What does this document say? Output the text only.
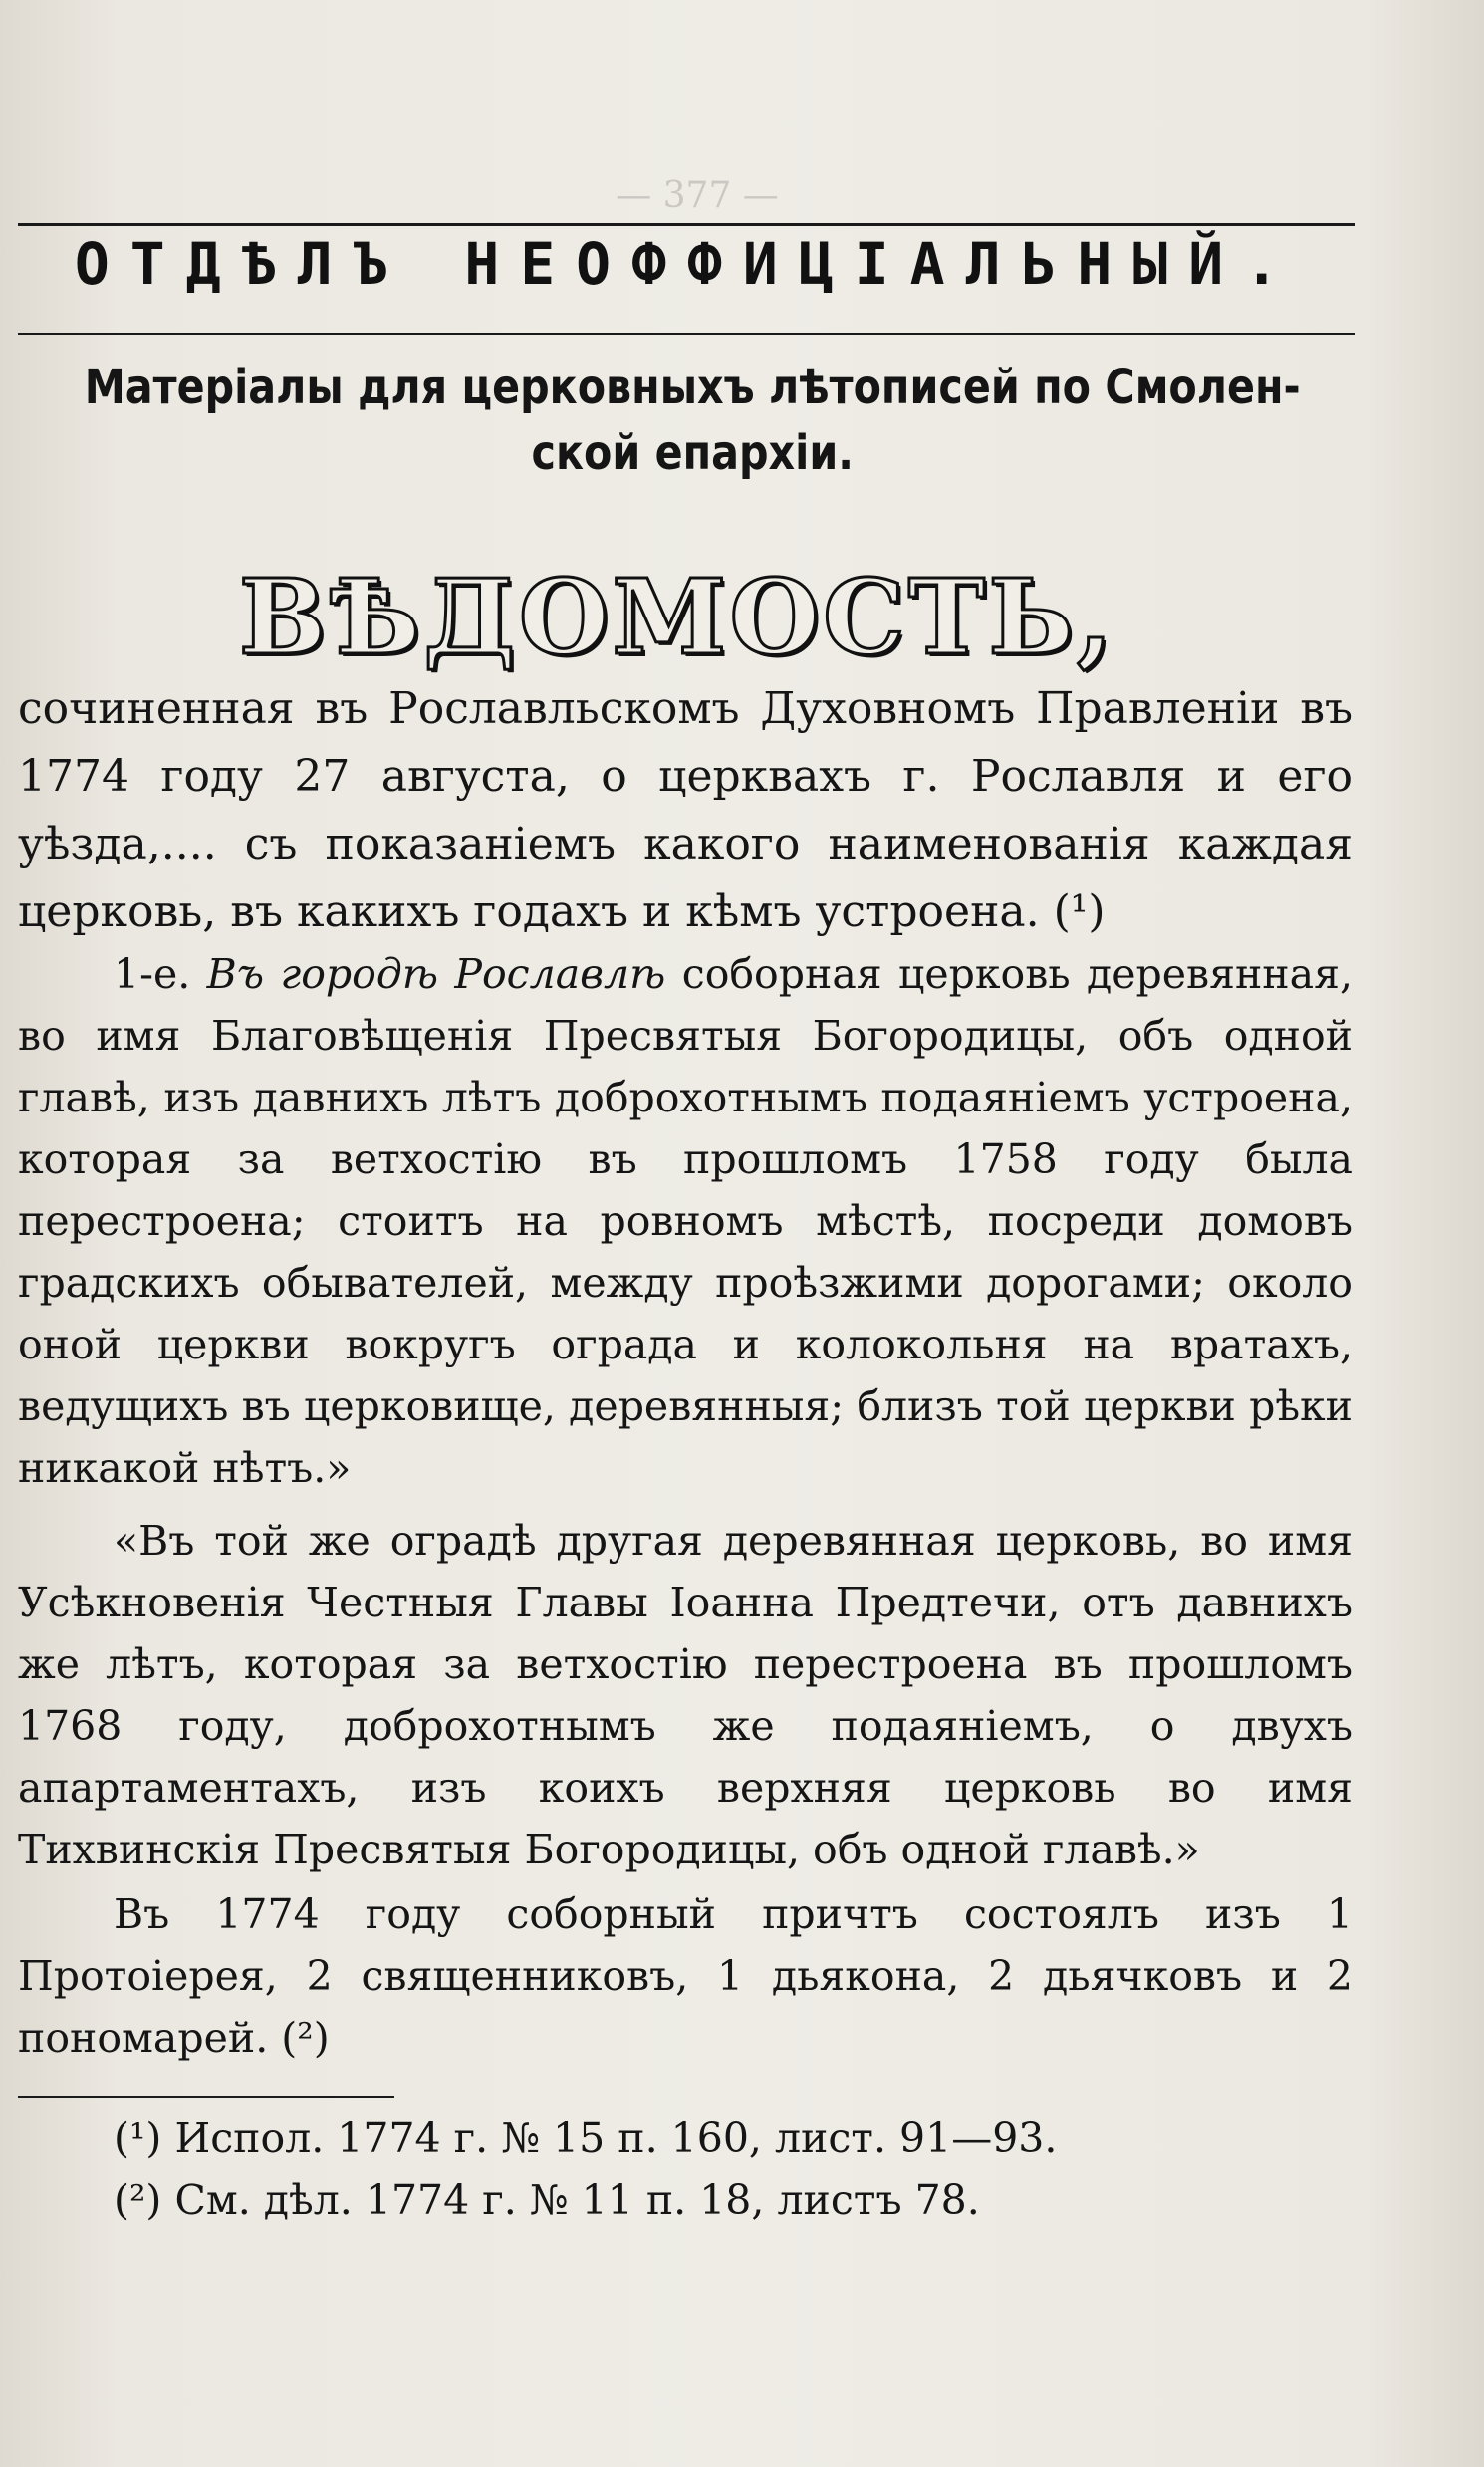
— 377 —
ОТДѢЛЪ НЕОФФИЦІАЛЬНЫЙ.
Матеріалы для церковныхъ лѣтописей по Смолен-
ской епархіи.
ВѢДОМОСТЬ,
сочиненная въ Рославльскомъ Духовномъ Правленіи въ 1774 году 27 августа, о церквахъ г. Рославля и его уѣзда,.... съ показаніемъ какого наименованія каждая церковь, въ какихъ годахъ и кѣмъ устроена. (¹)
1-е. Въ городѣ Рославлѣ соборная церковь деревянная, во имя Благовѣщенія Пресвятыя Богородицы, объ одной главѣ, изъ давнихъ лѣтъ доброхотнымъ подаяніемъ устроена, которая за ветхостію въ прошломъ 1758 году была перестроена; стоитъ на ровномъ мѣстѣ, посреди домовъ градскихъ обывателей, между проѣзжими дорогами; около оной церкви вокругъ ограда и колокольня на вратахъ, ведущихъ въ церковище, деревянныя; близъ той церкви рѣки никакой нѣтъ.»
«Въ той же оградѣ другая деревянная церковь, во имя Усѣкновенія Честныя Главы Іоанна Предтечи, отъ давнихъ же лѣтъ, которая за ветхостію перестроена въ прошломъ 1768 году, доброхотнымъ же подаяніемъ, о двухъ апартаментахъ, изъ коихъ верхняя церковь во имя Тихвинскія Пресвятыя Богородицы, объ одной главѣ.»
Въ 1774 году соборный причтъ состоялъ изъ 1 Протоіерея, 2 священниковъ, 1 дьякона, 2 дьячковъ и 2 пономарей. (²)
(¹) Испол. 1774 г. № 15 п. 160, лист. 91—93.
(²) См. дѣл. 1774 г. № 11 п. 18, листъ 78.
